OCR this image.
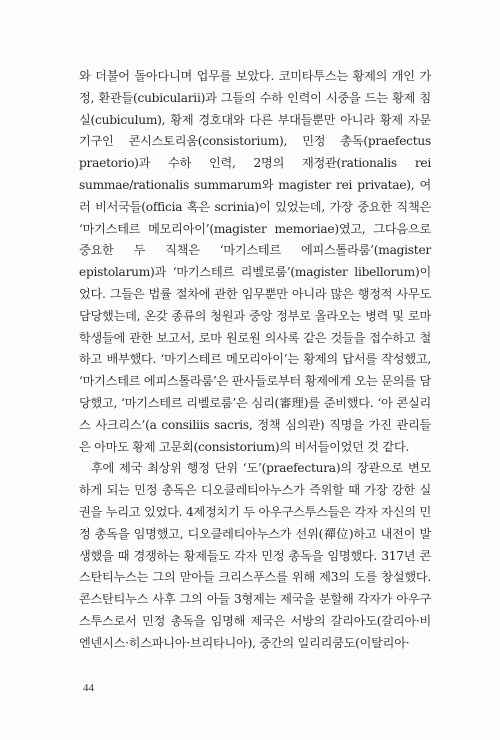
와 더불어 돌아다니며 업무를 보았다. 코미타투스는 황제의 개인 가정, 환관들(cubicularii)과 그들의 수하 인력이 시중을 드는 황제 침실(cubiculum), 황제 경호대와 다른 부대들뿐만 아니라 황제 자문기구인 콘시스토리움(consistorium), 민정 총독(praefectus praetorio)과 수하 인력, 2명의 재정관(rationalis rei summae/rationalis summarum와 magister rei privatae), 여러 비서국들(officia 혹은 scrinia)이 있었는데, 가장 중요한 직책은 ‘마기스테르 메모리아이’(magister memoriae)였고, 그다음으로 중요한 두 직책은 ‘마기스테르 에피스톨라룸’(magister epistolarum)과 ‘마기스테르 리벨로룸’(magister libellorum)이었다. 그들은 법률 절차에 관한 임무뿐만 아니라 많은 행정적 사무도 담당했는데, 온갖 종류의 청원과 중앙 정부로 올라오는 병력 및 로마 학생들에 관한 보고서, 로마 원로원 의사록 같은 것들을 접수하고 철하고 배부했다. ‘마기스테르 메모리아이’는 황제의 답서를 작성했고, ‘마기스테르 에피스톨라룸’은 판사들로부터 황제에게 오는 문의를 담당했고, ‘마기스테르 리벨로룸’은 심리(審理)를 준비했다. ‘아 콘실리스 사크리스’(a consiliis sacris, 정책 심의관) 직명을 가진 관리들은 아마도 황제 고문회(consistorium)의 비서들이었던 것 같다.

후에 제국 최상위 행정 단위 ‘도’(praefectura)의 장관으로 변모하게 되는 민정 총독은 디오클레티아누스가 즉위할 때 가장 강한 실권을 누리고 있었다. 4제정치기 두 아우구스투스들은 각자 자신의 민정 총독을 임명했고, 디오클레티아누스가 선위(禪位)하고 내전이 발생했을 때 경쟁하는 황제들도 각자 민정 총독을 임명했다. 317년 콘스탄티누스는 그의 맏아들 크리스푸스를 위해 제3의 도를 창설했다. 콘스탄티누스 사후 그의 아들 3형제는 제국을 분할해 각자가 아우구스투스로서 민정 총독을 임명해 제국은 서방의 갈리아도(갈리아·비엔넨시스·히스파니아·브리타니아), 중간의 일리리쿰도(이탈리아·

44
